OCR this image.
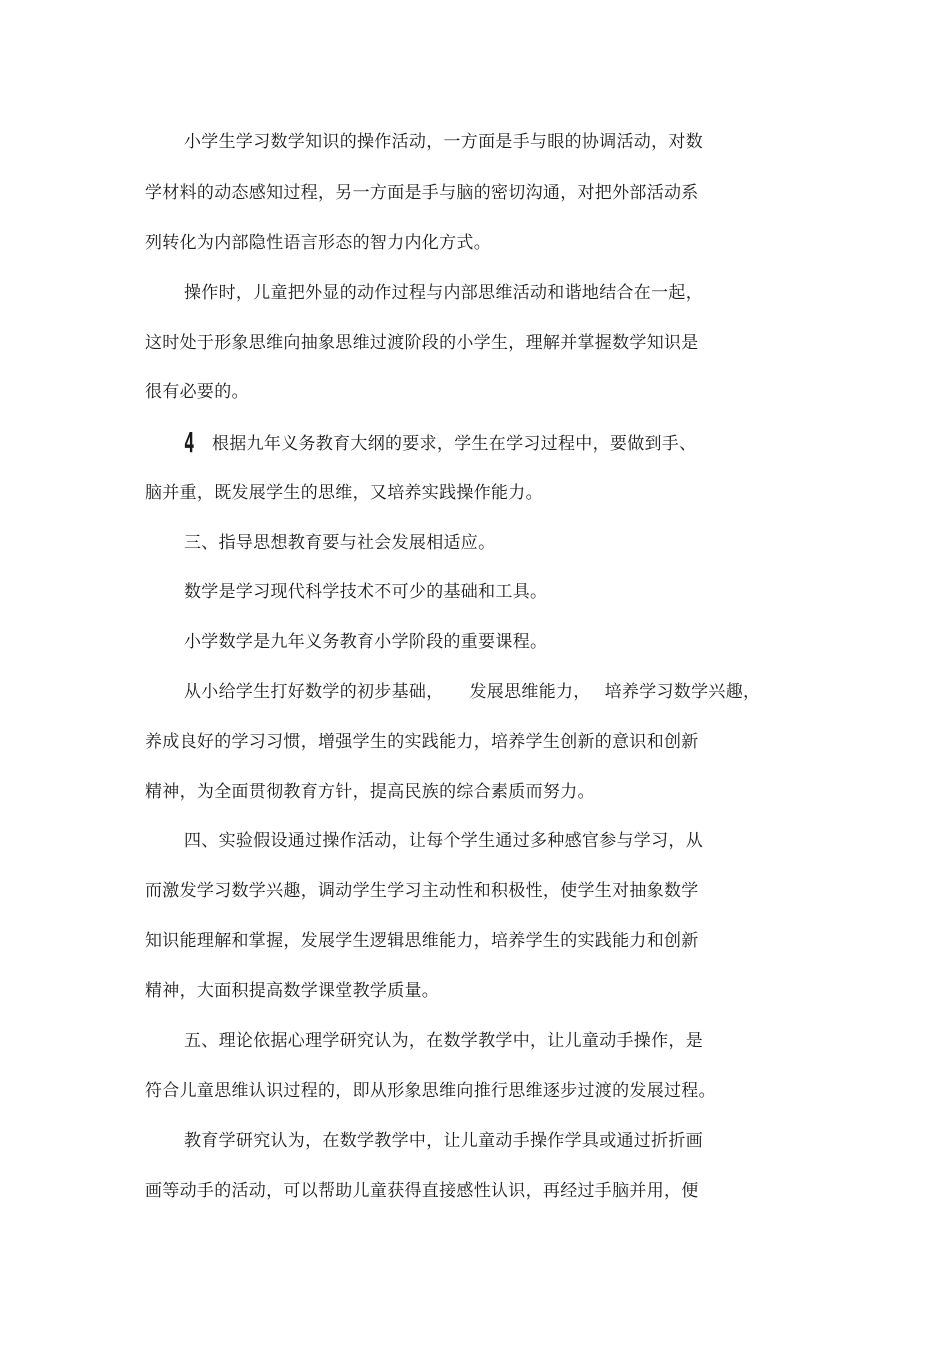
小学生学习数学知识的操作活动，一方面是手与眼的协调活动，对数
学材料的动态感知过程，另一方面是手与脑的密切沟通，对把外部活动系
列转化为内部隐性语言形态的智力内化方式。
操作时，儿童把外显的动作过程与内部思维活动和谐地结合在一起，
这时处于形象思维向抽象思维过渡阶段的小学生，理解并掌握数学知识是
很有必要的。
4 根据九年义务教育大纲的要求，学生在学习过程中，要做到手、
脑并重，既发展学生的思维，又培养实践操作能力。
三、指导思想教育要与社会发展相适应。
数学是学习现代科学技术不可少的基础和工具。
小学数学是九年义务教育小学阶段的重要课程。
从小给学生打好数学的初步基础， 发展思维能力， 培养学习数学兴趣，
养成良好的学习习惯，增强学生的实践能力，培养学生创新的意识和创新
精神，为全面贯彻教育方针，提高民族的综合素质而努力。
四、实验假设通过操作活动，让每个学生通过多种感官参与学习，从
而激发学习数学兴趣，调动学生学习主动性和积极性，使学生对抽象数学
知识能理解和掌握，发展学生逻辑思维能力，培养学生的实践能力和创新
精神，大面积提高数学课堂教学质量。
五、理论依据心理学研究认为，在数学教学中，让儿童动手操作，是
符合儿童思维认识过程的，即从形象思维向推行思维逐步过渡的发展过程。
教育学研究认为，在数学教学中，让儿童动手操作学具或通过折折画
画等动手的活动，可以帮助儿童获得直接感性认识，再经过手脑并用，便
